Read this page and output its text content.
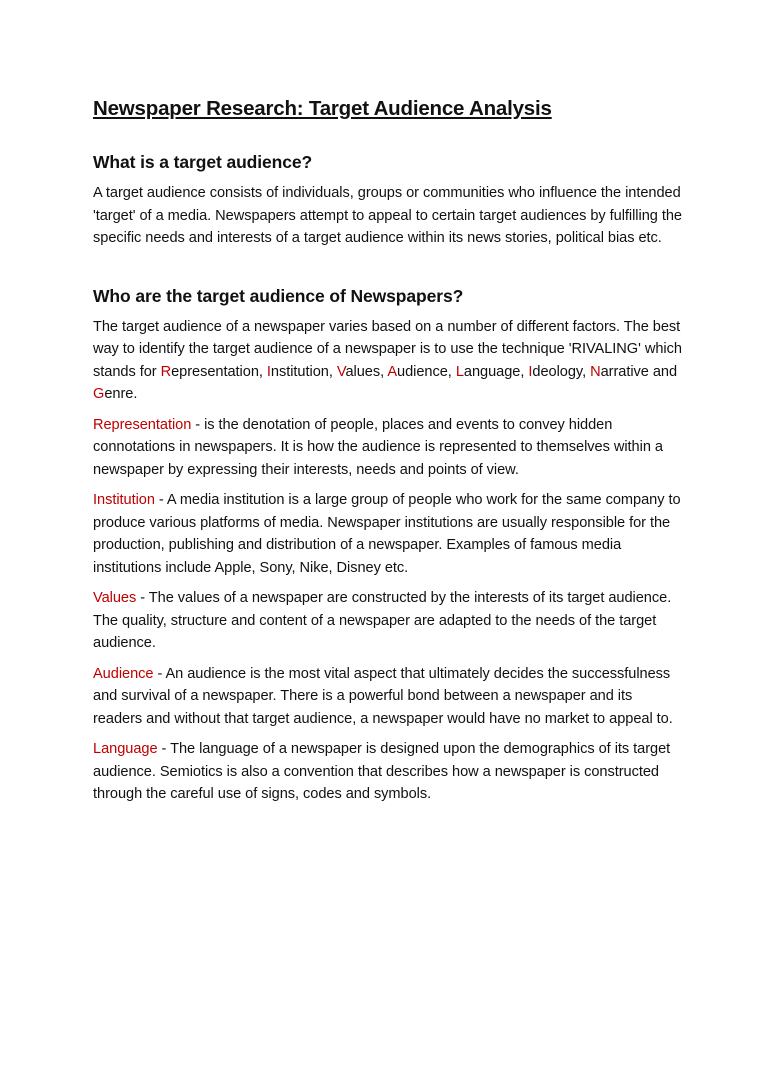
Newspaper Research: Target Audience Analysis
What is a target audience?

A target audience consists of individuals, groups or communities who influence the intended 'target' of a media. Newspapers attempt to appeal to certain target audiences by fulfilling the specific needs and interests of a target audience within its news stories, political bias etc.

Who are the target audience of Newspapers?

The target audience of a newspaper varies based on a number of different factors. The best way to identify the target audience of a newspaper is to use the technique 'RIVALING' which stands for Representation, Institution, Values, Audience, Language, Ideology, Narrative and Genre.

Representation - is the denotation of people, places and events to convey hidden connotations in newspapers. It is how the audience is represented to themselves within a newspaper by expressing their interests, needs and points of view.

Institution - A media institution is a large group of people who work for the same company to produce various platforms of media. Newspaper institutions are usually responsible for the production, publishing and distribution of a newspaper. Examples of famous media institutions include Apple, Sony, Nike, Disney etc.

Values - The values of a newspaper are constructed by the interests of its target audience. The quality, structure and content of a newspaper are adapted to the needs of the target audience.

Audience - An audience is the most vital aspect that ultimately decides the successfulness and survival of a newspaper. There is a powerful bond between a newspaper and its readers and without that target audience, a newspaper would have no market to appeal to.

Language - The language of a newspaper is designed upon the demographics of its target audience. Semiotics is also a convention that describes how a newspaper is constructed through the careful use of signs, codes and symbols.
